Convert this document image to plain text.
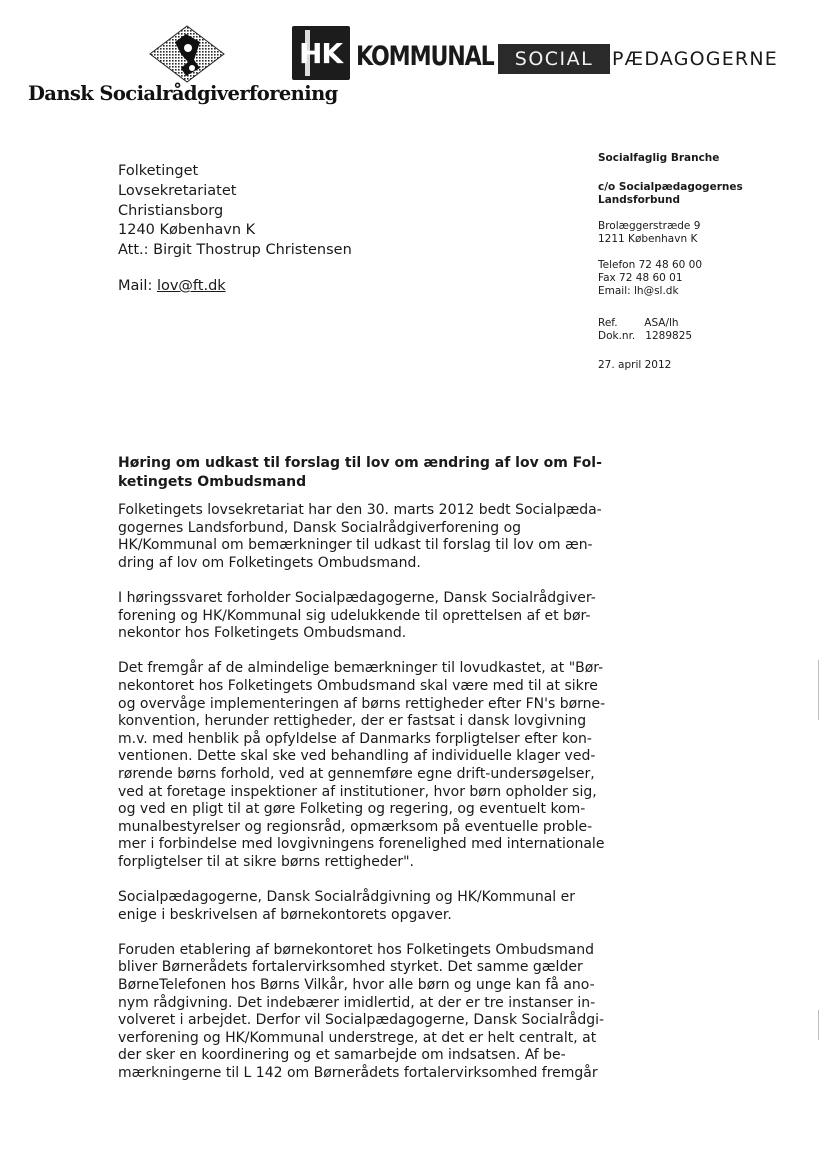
Dansk Socialrådgiverforening
HK KOMMUNAL	SOCIAL PÆDAGOGERNE
Folketinget
Lovsekretariatet
Christiansborg
1240 København K
Att.: Birgit Thostrup Christensen
Mail: lov@ft.dk
Socialfaglig Branche
c/o Socialpædagogernes
Landsforbund
Brolæggerstræde 9
1211 København K
Telefon 72 48 60 00
Fax 72 48 60 01
Email: lh@sl.dk
Ref.        ASA/lh
Dok.nr.   1289825
27. april 2012
Høring om udkast til forslag til lov om ændring af lov om Fol-
ketingets Ombudsmand

Folketingets lovsekretariat har den 30. marts 2012 bedt Socialpæda-
gogernes Landsforbund, Dansk Socialrådgiverforening og
HK/Kommunal om bemærkninger til udkast til forslag til lov om æn-
dring af lov om Folketingets Ombudsmand.

I høringssvaret forholder Socialpædagogerne, Dansk Socialrådgiver-
forening og HK/Kommunal sig udelukkende til oprettelsen af et bør-
nekontor hos Folketingets Ombudsmand.

Det fremgår af de almindelige bemærkninger til lovudkastet, at "Bør-
nekontoret hos Folketingets Ombudsmand skal være med til at sikre
og overvåge implementeringen af børns rettigheder efter FN's børne-
konvention, herunder rettigheder, der er fastsat i dansk lovgivning
m.v. med henblik på opfyldelse af Danmarks forpligtelser efter kon-
ventionen. Dette skal ske ved behandling af individuelle klager ved-
rørende børns forhold, ved at gennemføre egne drift-undersøgelser,
ved at foretage inspektioner af institutioner, hvor børn opholder sig,
og ved en pligt til at gøre Folketing og regering, og eventuelt kom-
munalbestyrelser og regionsråd, opmærksom på eventuelle proble-
mer i forbindelse med lovgivningens forenelighed med internationale
forpligtelser til at sikre børns rettigheder".

Socialpædagogerne, Dansk Socialrådgivning og HK/Kommunal er
enige i beskrivelsen af børnekontorets opgaver.

Foruden etablering af børnekontoret hos Folketingets Ombudsmand
bliver Børnerådets fortalervirksomhed styrket. Det samme gælder
BørneTelefonen hos Børns Vilkår, hvor alle børn og unge kan få ano-
nym rådgivning. Det indebærer imidlertid, at der er tre instanser in-
volveret i arbejdet. Derfor vil Socialpædagogerne, Dansk Socialrådgi-
verforening og HK/Kommunal understrege, at det er helt centralt, at
der sker en koordinering og et samarbejde om indsatsen. Af be-
mærkningerne til L 142 om Børnerådets fortalervirksomhed fremgår
